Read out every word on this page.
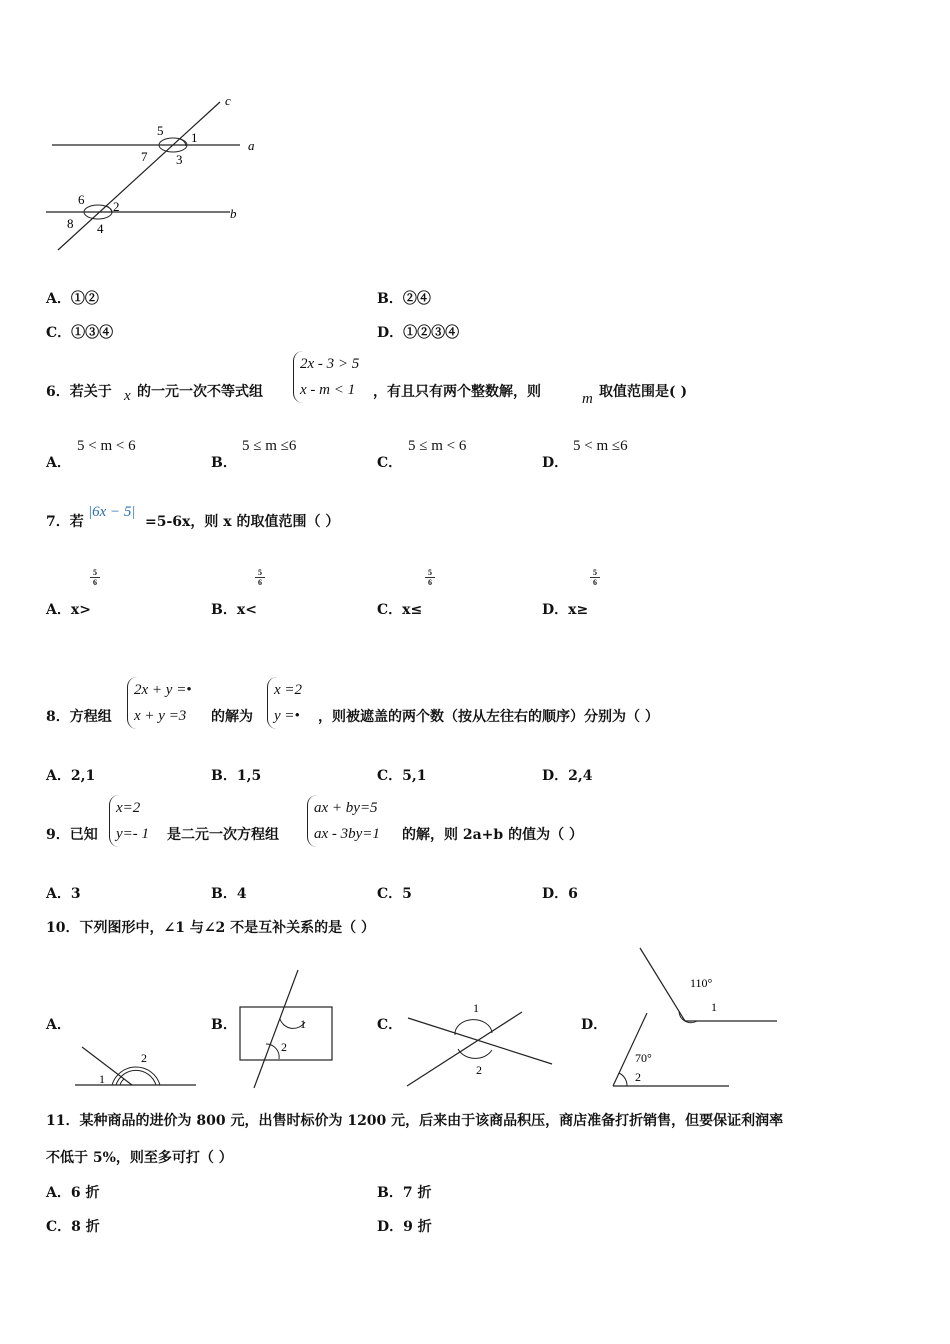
c
a
b
5 1
7 3
6 2
8 4
A．①②	B．②④
C．①③④	D．①②③④
6．若关于 x 的一元一次不等式组
2x - 3 > 5
x - m < 1 ，有且只有两个整数解，则	m 取值范围是( )
A．
5 < m < 6
B．
5 ≤ m ≤6
C．
5 ≤ m < 6
D．
5 < m ≤6
7．若
|6x − 5|
=5-6x，则 x 的取值范围（ ）
A．x>
$\frac{5}{6}$
B．x<
$\frac{5}{6}$
C．x≤
$\frac{5}{6}$
D．x≥
$\frac{5}{6}$
8．方程组
2x + y =•
x + y =3	的解为
x =2
y =• ，则被遮盖的两个数（按从左往右的顺序）分别为（ ）
A．2,1	B．1,5	C．5,1	D．2,4
9．已知
x=2
y=- 1 是二元一次方程组
ax + by=5
ax - 3by=1 的解，则 2a+b 的值为（ ）
A．3	B．4	C．5	D．6
10．下列图形中，∠1 与∠2 不是互补关系的是（ ）
A．
1
2
B．	1
2
C．
1
2
D．
110°
1
70°
2
11．某种商品的进价为 800 元，出售时标价为 1200 元，后来由于该商品积压，商店准备打折销售，但要保证利润率
不低于 5%，则至多可打（ ）
A．6 折	B．7 折
C．8 折	D．9 折
